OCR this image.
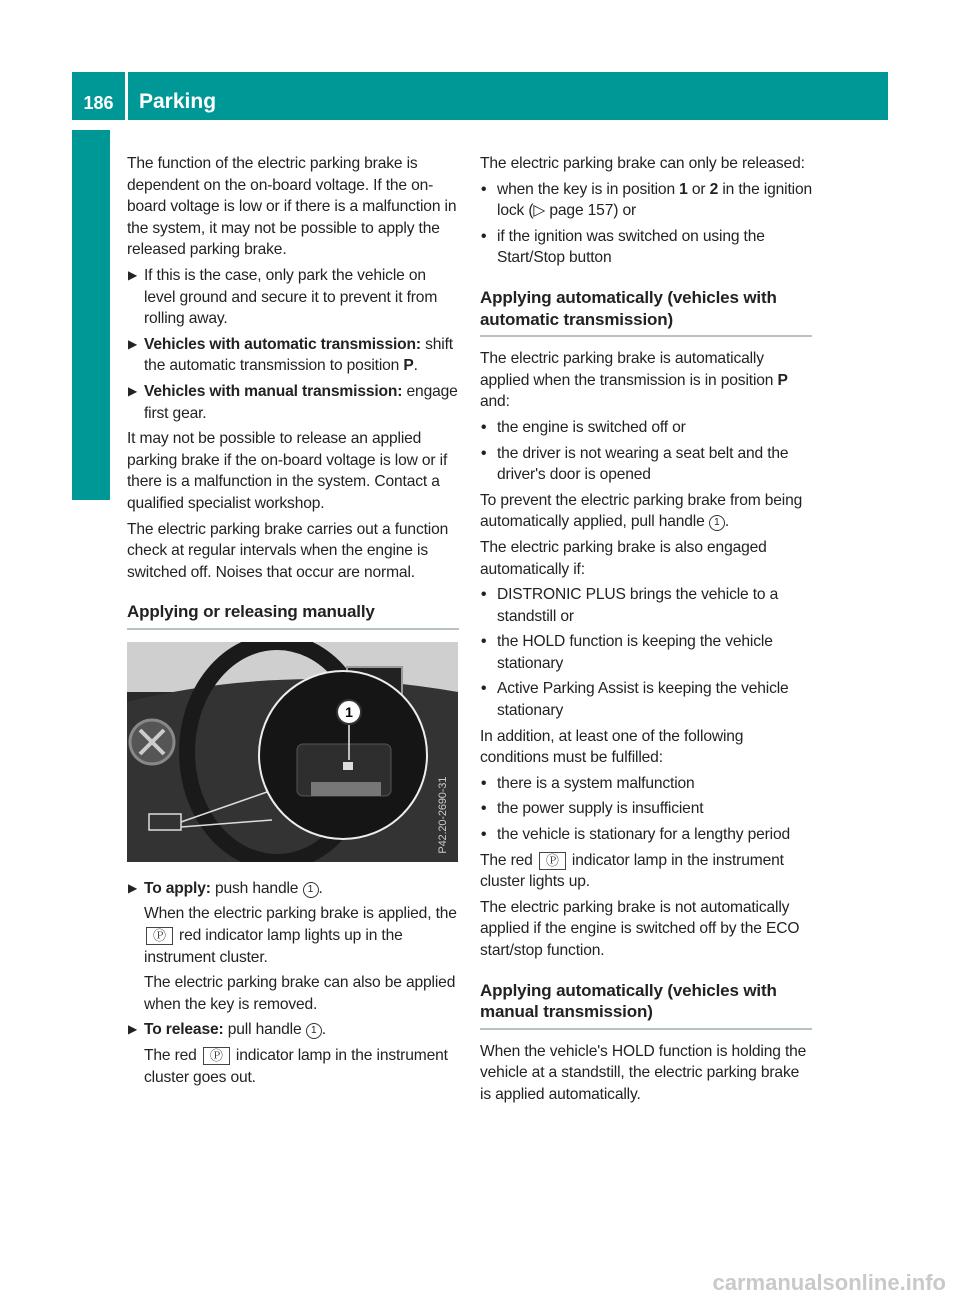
186	Parking
Driving and parking
The function of the electric parking brake is dependent on the on-board voltage. If the on-board voltage is low or if there is a malfunction in the system, it may not be possible to apply the released parking brake.
▶ If this is the case, only park the vehicle on level ground and secure it to prevent it from rolling away.
▶ Vehicles with automatic transmission: shift the automatic transmission to position P.
▶ Vehicles with manual transmission: engage first gear.
It may not be possible to release an applied parking brake if the on-board voltage is low or if there is a malfunction in the system. Contact a qualified specialist workshop.
The electric parking brake carries out a function check at regular intervals when the engine is switched off. Noises that occur are normal.
Applying or releasing manually
1
P42.20-2690-31
▶ To apply: push handle 1 .
When the electric parking brake is applied, the Ⓟ red indicator lamp lights up in the instrument cluster.
The electric parking brake can also be applied when the key is removed.
▶ To release: pull handle 1 .
The red Ⓟ indicator lamp in the instrument cluster goes out.
The electric parking brake can only be released:
• when the key is in position 1 or 2 in the ignition lock (▷ page 157) or
• if the ignition was switched on using the Start/Stop button
Applying automatically (vehicles with automatic transmission)
The electric parking brake is automatically applied when the transmission is in position P and:
• the engine is switched off or
• the driver is not wearing a seat belt and the driver's door is opened
To prevent the electric parking brake from being automatically applied, pull handle 1 .
The electric parking brake is also engaged automatically if:
• DISTRONIC PLUS brings the vehicle to a standstill or
• the HOLD function is keeping the vehicle stationary
• Active Parking Assist is keeping the vehicle stationary
In addition, at least one of the following conditions must be fulfilled:
• there is a system malfunction
• the power supply is insufficient
• the vehicle is stationary for a lengthy period
The red Ⓟ indicator lamp in the instrument cluster lights up.
The electric parking brake is not automatically applied if the engine is switched off by the ECO start/stop function.
Applying automatically (vehicles with manual transmission)
When the vehicle's HOLD function is holding the vehicle at a standstill, the electric parking brake is applied automatically.
carmanualsonline.info
